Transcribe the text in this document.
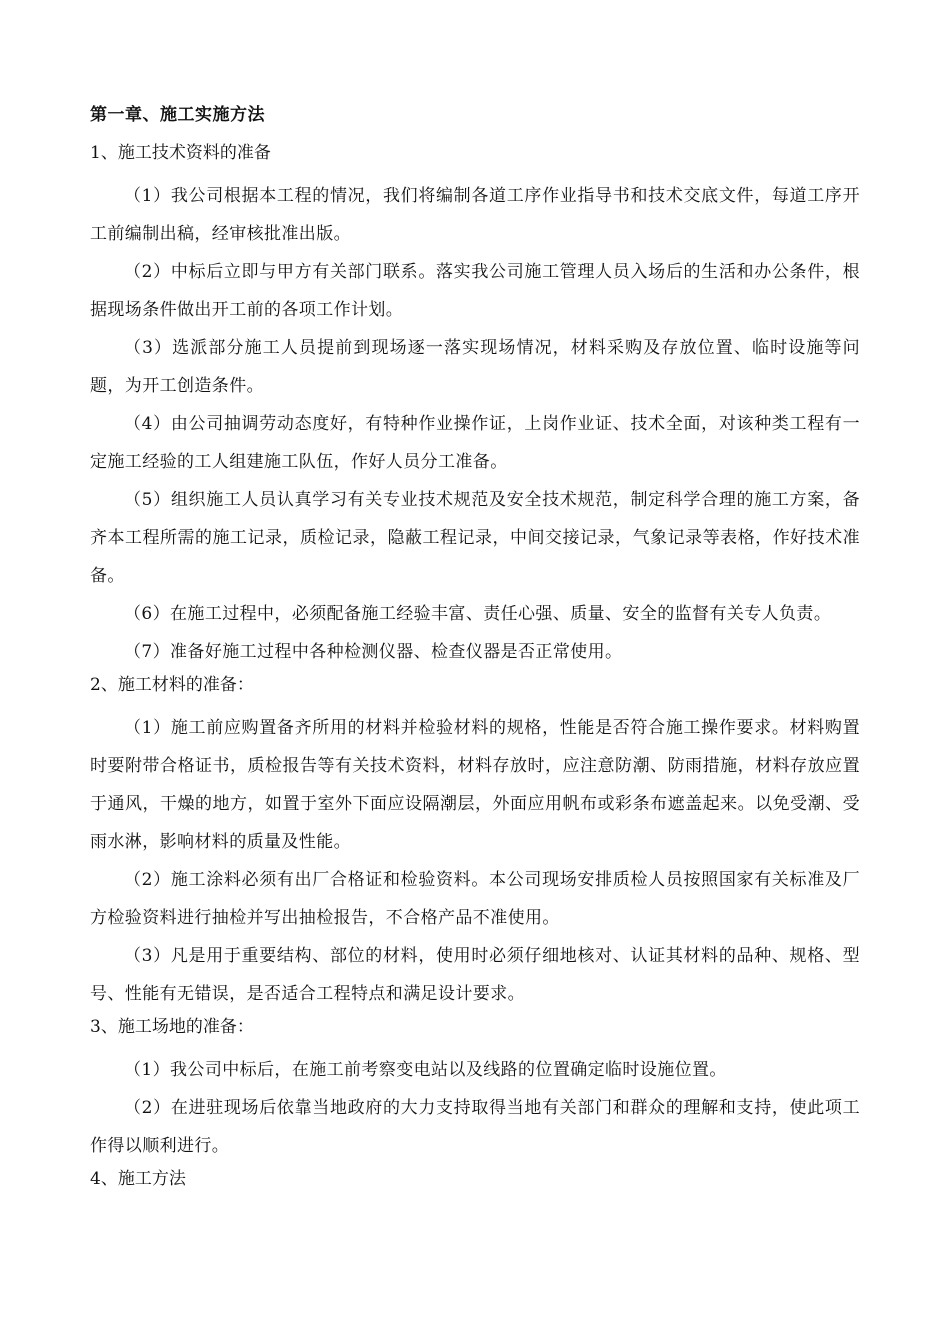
第一章、施工实施方法
1、施工技术资料的准备

（1）我公司根据本工程的情况，我们将编制各道工序作业指导书和技术交底文件，每道工序开工前编制出稿，经审核批准出版。

（2）中标后立即与甲方有关部门联系。落实我公司施工管理人员入场后的生活和办公条件，根据现场条件做出开工前的各项工作计划。

（3）选派部分施工人员提前到现场逐一落实现场情况，材料采购及存放位置、临时设施等问题，为开工创造条件。

（4）由公司抽调劳动态度好，有特种作业操作证，上岗作业证、技术全面，对该种类工程有一定施工经验的工人组建施工队伍，作好人员分工准备。

（5）组织施工人员认真学习有关专业技术规范及安全技术规范，制定科学合理的施工方案，备齐本工程所需的施工记录，质检记录，隐蔽工程记录，中间交接记录，气象记录等表格，作好技术准备。

（6）在施工过程中，必须配备施工经验丰富、责任心强、质量、安全的监督有关专人负责。

（7）准备好施工过程中各种检测仪器、检查仪器是否正常使用。

2、施工材料的准备：

（1）施工前应购置备齐所用的材料并检验材料的规格，性能是否符合施工操作要求。材料购置时要附带合格证书，质检报告等有关技术资料，材料存放时，应注意防潮、防雨措施，材料存放应置于通风，干燥的地方，如置于室外下面应设隔潮层，外面应用帆布或彩条布遮盖起来。以免受潮、受雨水淋，影响材料的质量及性能。

（2）施工涂料必须有出厂合格证和检验资料。本公司现场安排质检人员按照国家有关标准及厂方检验资料进行抽检并写出抽检报告，不合格产品不准使用。

（3）凡是用于重要结构、部位的材料，使用时必须仔细地核对、认证其材料的品种、规格、型号、性能有无错误，是否适合工程特点和满足设计要求。

3、施工场地的准备：

（1）我公司中标后，在施工前考察变电站以及线路的位置确定临时设施位置。

（2）在进驻现场后依靠当地政府的大力支持取得当地有关部门和群众的理解和支持，使此项工作得以顺利进行。

4、施工方法
